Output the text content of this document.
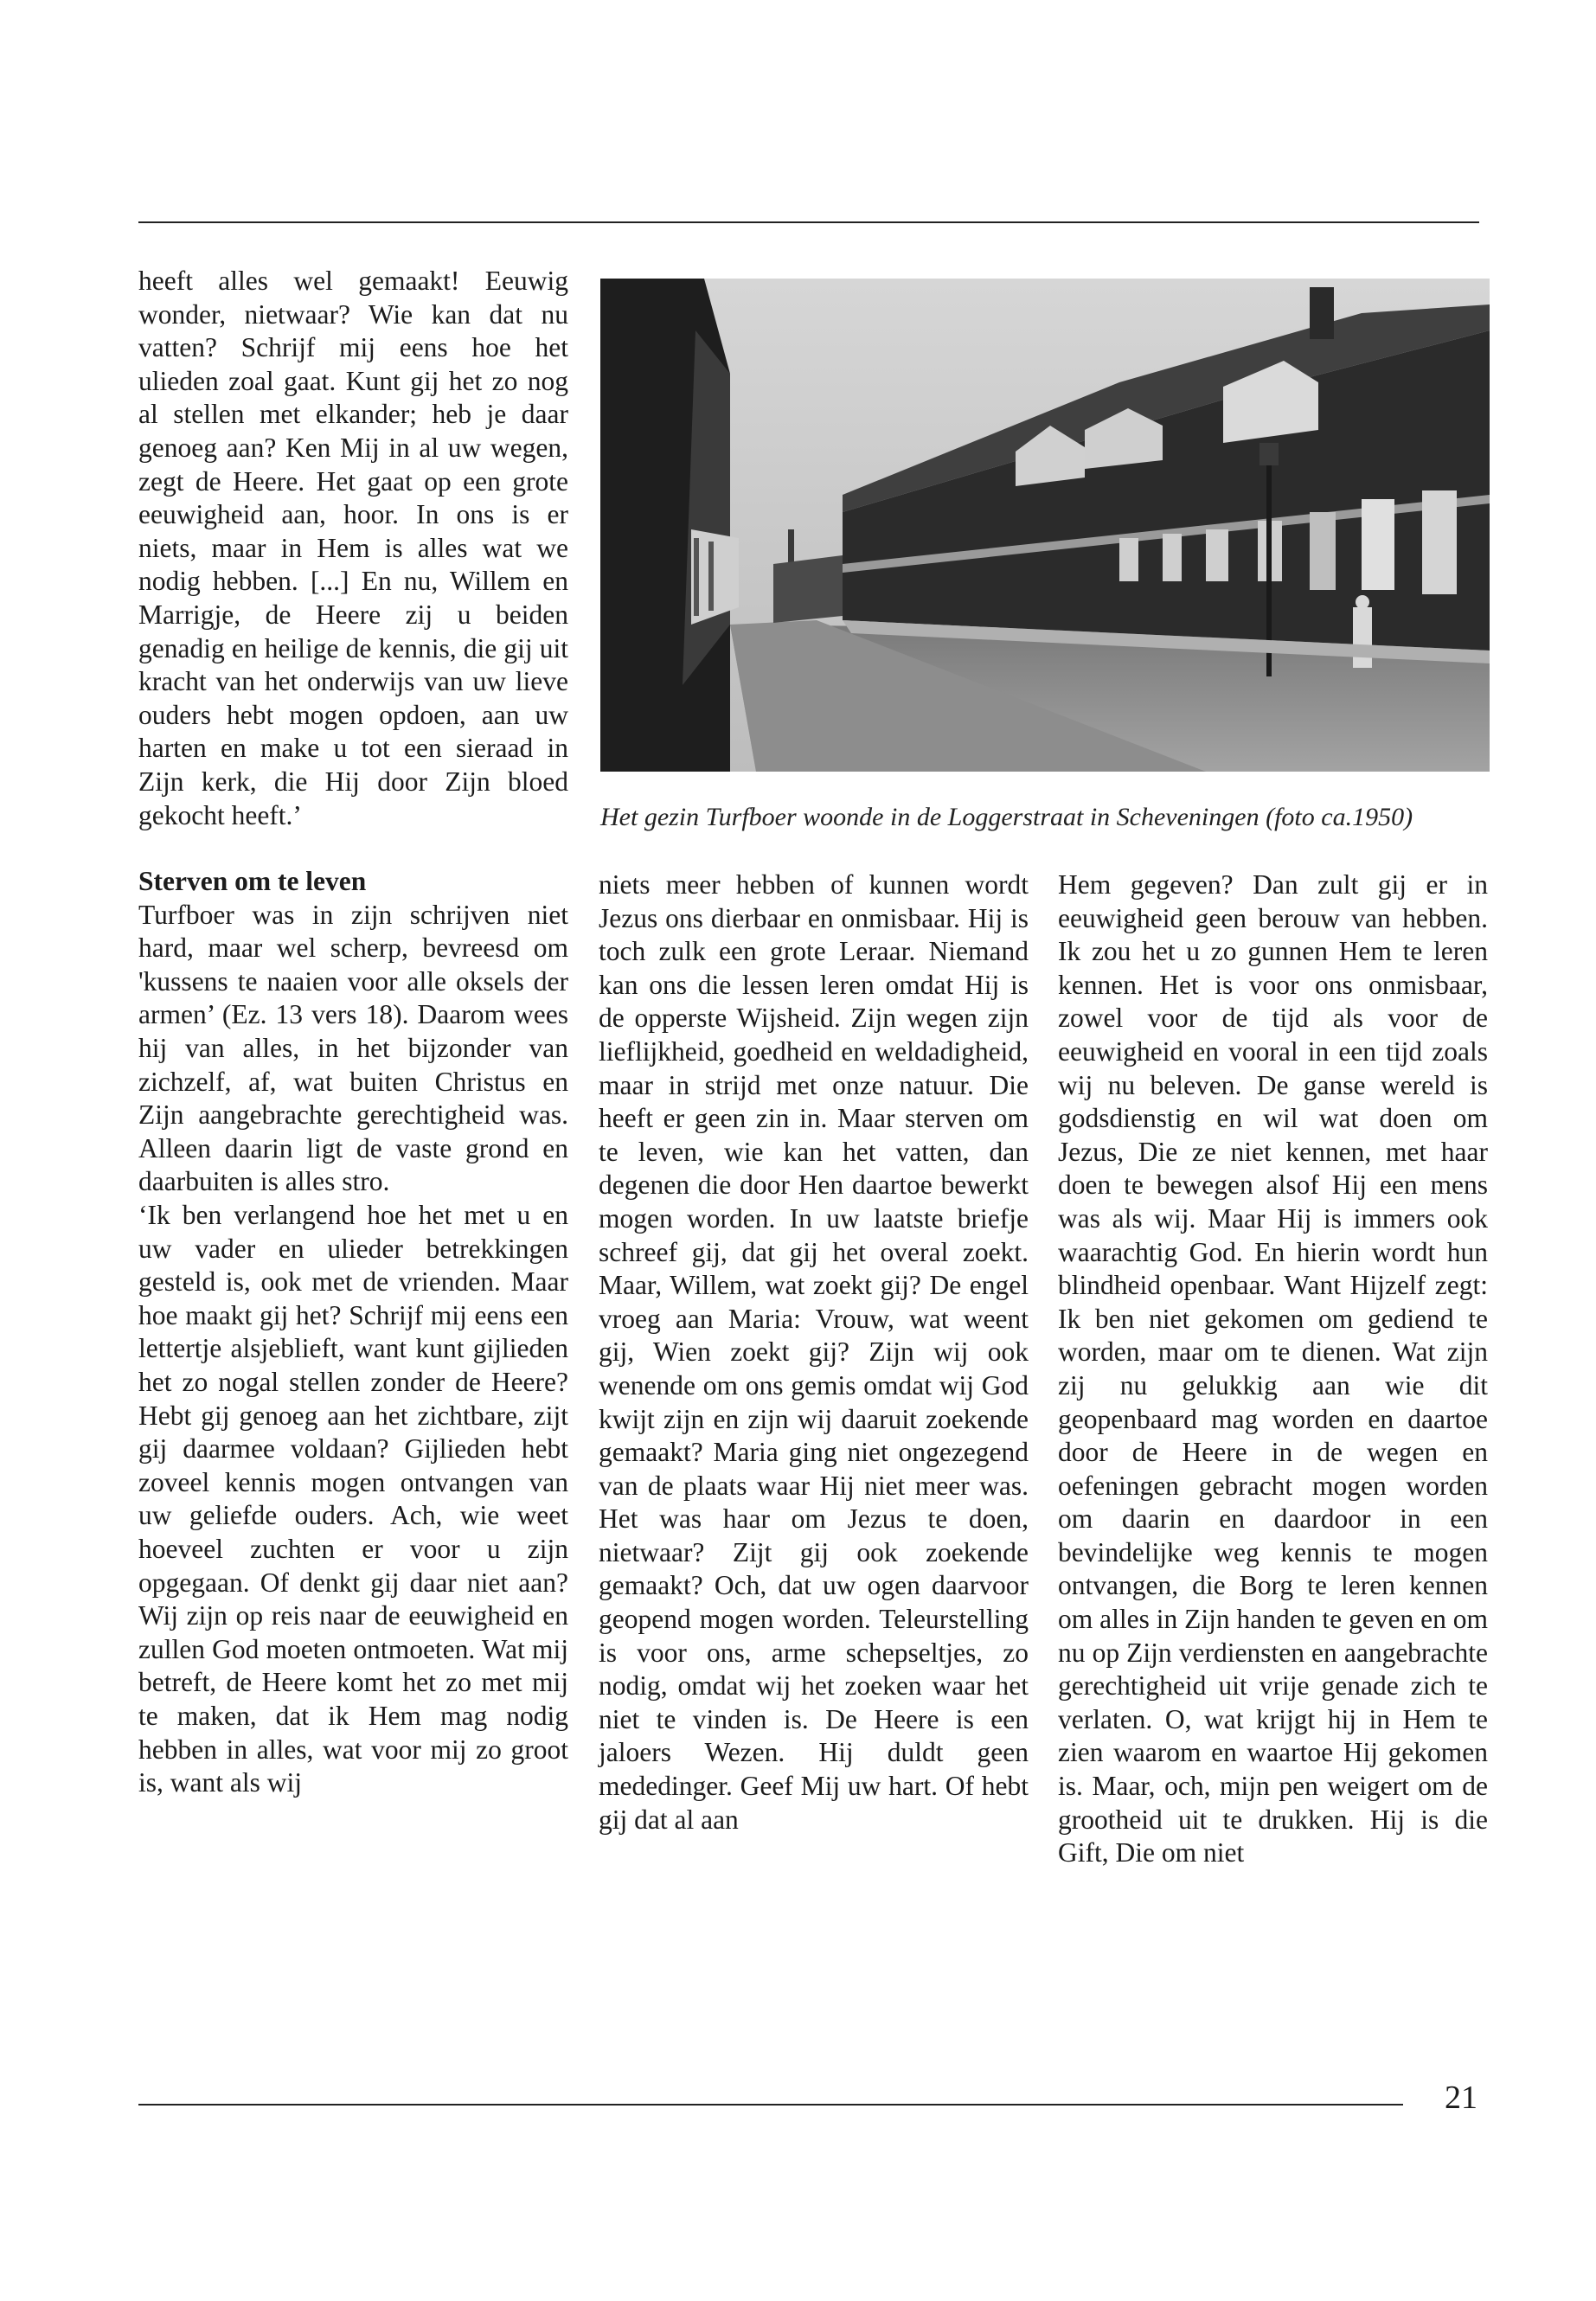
Het gezin Turfboer woonde in de Loggerstraat in Scheveningen (foto ca.1950)

heeft alles wel gemaakt! Eeuwig wonder, nietwaar? Wie kan dat nu vatten? Schrijf mij eens hoe het ulieden zoal gaat. Kunt gij het zo nog al stellen met elkander; heb je daar genoeg aan? Ken Mij in al uw wegen, zegt de Heere. Het gaat op een grote eeuwigheid aan, hoor. In ons is er niets, maar in Hem is alles wat we nodig hebben. [...] En nu, Willem en Marrigje, de Heere zij u beiden genadig en heilige de kennis, die gij uit kracht van het onderwijs van uw lieve ouders hebt mogen opdoen, aan uw harten en make u tot een sieraad in Zijn kerk, die Hij door Zijn bloed gekocht heeft.’

Sterven om te leven

Turfboer was in zijn schrijven niet hard, maar wel scherp, bevreesd om 'kussens te naaien voor alle oksels der armen’ (Ez. 13 vers 18). Daarom wees hij van alles, in het bijzonder van zichzelf, af, wat buiten Christus en Zijn aangebrachte gerechtigheid was. Alleen daarin ligt de vaste grond en daarbuiten is alles stro.

‘Ik ben verlangend hoe het met u en uw vader en ulieder betrekkingen gesteld is, ook met de vrienden. Maar hoe maakt gij het? Schrijf mij eens een lettertje alsjeblieft, want kunt gijlieden het zo nogal stellen zonder de Heere? Hebt gij genoeg aan het zichtbare, zijt gij daarmee voldaan? Gijlieden hebt zoveel kennis mogen ontvangen van uw geliefde ouders. Ach, wie weet hoeveel zuchten er voor u zijn opgegaan. Of denkt gij daar niet aan? Wij zijn op reis naar de eeuwigheid en zullen God moeten ontmoeten. Wat mij betreft, de Heere komt het zo met mij te maken, dat ik Hem mag nodig hebben in alles, wat voor mij zo groot is, want als wij

niets meer hebben of kunnen wordt Jezus ons dierbaar en onmisbaar. Hij is toch zulk een grote Leraar. Niemand kan ons die lessen leren omdat Hij is de opperste Wijsheid. Zijn wegen zijn lieflijkheid, goedheid en weldadigheid, maar in strijd met onze natuur. Die heeft er geen zin in. Maar sterven om te leven, wie kan het vatten, dan degenen die door Hen daartoe bewerkt mogen worden. In uw laatste briefje schreef gij, dat gij het overal zoekt. Maar, Willem, wat zoekt gij? De engel vroeg aan Maria: Vrouw, wat weent gij, Wien zoekt gij? Zijn wij ook wenende om ons gemis omdat wij God kwijt zijn en zijn wij daaruit zoekende gemaakt? Maria ging niet ongezegend van de plaats waar Hij niet meer was. Het was haar om Jezus te doen, nietwaar? Zijt gij ook zoekende gemaakt? Och, dat uw ogen daarvoor geopend mogen worden. Teleurstelling is voor ons, arme schepseltjes, zo nodig, omdat wij het zoeken waar het niet te vinden is. De Heere is een jaloers Wezen. Hij duldt geen mededinger. Geef Mij uw hart. Of hebt gij dat al aan

Hem gegeven? Dan zult gij er in eeuwigheid geen berouw van hebben. Ik zou het u zo gunnen Hem te leren kennen. Het is voor ons onmisbaar, zowel voor de tijd als voor de eeuwigheid en vooral in een tijd zoals wij nu beleven. De ganse wereld is godsdienstig en wil wat doen om Jezus, Die ze niet kennen, met haar doen te bewegen alsof Hij een mens was als wij. Maar Hij is immers ook waarachtig God. En hierin wordt hun blindheid openbaar. Want Hijzelf zegt: Ik ben niet gekomen om gediend te worden, maar om te dienen. Wat zijn zij nu gelukkig aan wie dit geopenbaard mag worden en daartoe door de Heere in de wegen en oefeningen gebracht mogen worden om daarin en daardoor in een bevindelijke weg kennis te mogen ontvangen, die Borg te leren kennen om alles in Zijn handen te geven en om nu op Zijn verdiensten en aangebrachte gerechtigheid uit vrije genade zich te verlaten. O, wat krijgt hij in Hem te zien waarom en waartoe Hij gekomen is. Maar, och, mijn pen weigert om de grootheid uit te drukken. Hij is die Gift, Die om niet

21
